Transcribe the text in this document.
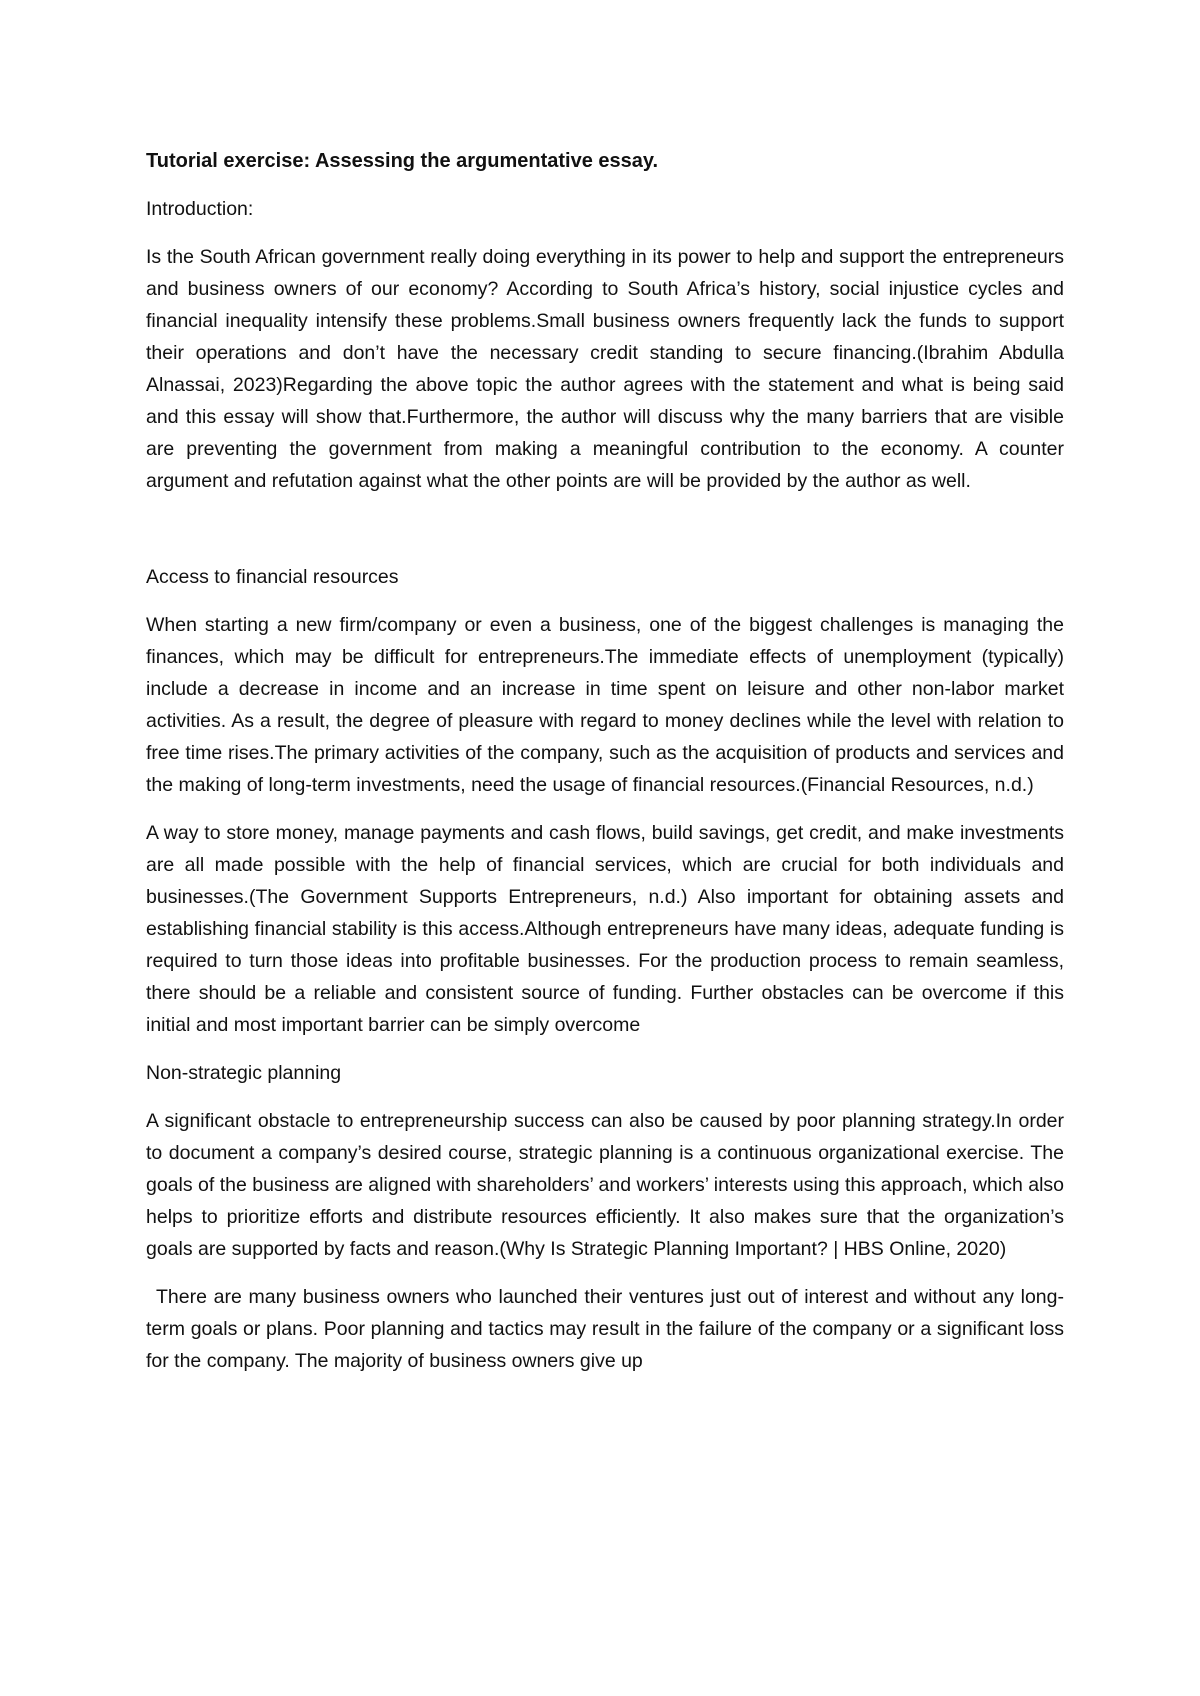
Tutorial exercise: Assessing the argumentative essay.

Introduction:

Is the South African government really doing everything in its power to help and support the entrepreneurs and business owners of our economy? According to South Africa’s history, social injustice cycles and financial inequality intensify these problems.Small business owners frequently lack the funds to support their operations and don’t have the necessary credit standing to secure financing.(Ibrahim Abdulla Alnassai, 2023)Regarding the above topic the author agrees with the statement and what is being said and this essay will show that.Furthermore, the author will discuss why the many barriers that are visible are preventing the government from making a meaningful contribution to the economy. A counter argument and refutation against what the other points are will be provided by the author as well.

Access to financial resources

When starting a new firm/company or even a business, one of the biggest challenges is managing the finances, which may be difficult for entrepreneurs.The immediate effects of unemployment (typically) include a decrease in income and an increase in time spent on leisure and other non-labor market activities. As a result, the degree of pleasure with regard to money declines while the level with relation to free time rises.The primary activities of the company, such as the acquisition of products and services and the making of long-term investments, need the usage of financial resources.(Financial Resources, n.d.)

A way to store money, manage payments and cash flows, build savings, get credit, and make investments are all made possible with the help of financial services, which are crucial for both individuals and businesses.(The Government Supports Entrepreneurs, n.d.) Also important for obtaining assets and establishing financial stability is this access.Although entrepreneurs have many ideas, adequate funding is required to turn those ideas into profitable businesses. For the production process to remain seamless, there should be a reliable and consistent source of funding. Further obstacles can be overcome if this initial and most important barrier can be simply overcome

Non-strategic planning

A significant obstacle to entrepreneurship success can also be caused by poor planning strategy.In order to document a company’s desired course, strategic planning is a continuous organizational exercise. The goals of the business are aligned with shareholders’ and workers’ interests using this approach, which also helps to prioritize efforts and distribute resources efficiently. It also makes sure that the organization’s goals are supported by facts and reason.(Why Is Strategic Planning Important? | HBS Online, 2020)

There are many business owners who launched their ventures just out of interest and without any long-term goals or plans. Poor planning and tactics may result in the failure of the company or a significant loss for the company. The majority of business owners give up
